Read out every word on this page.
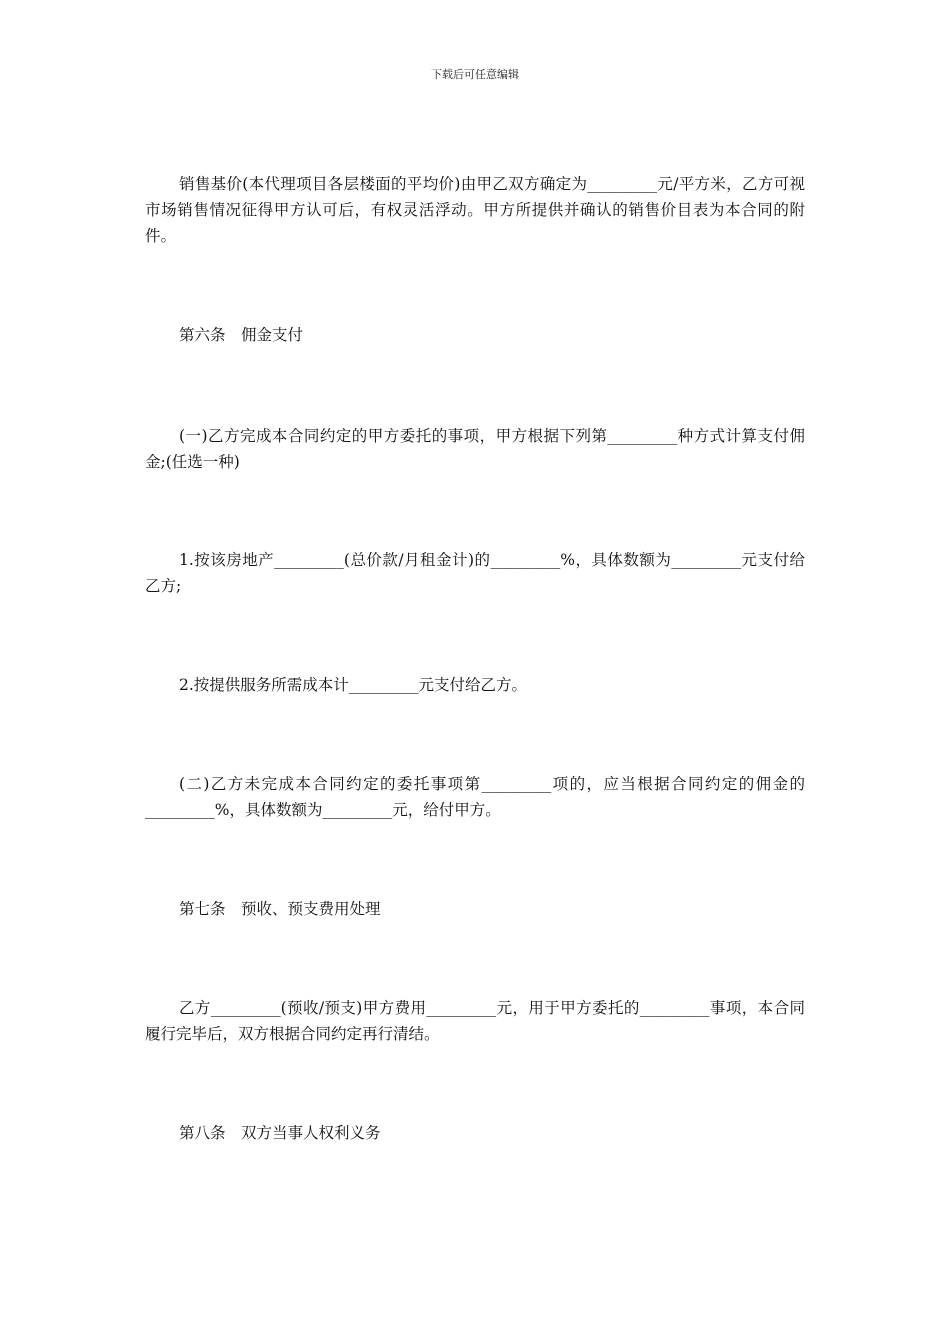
下载后可任意编辑

销售基价(本代理项目各层楼面的平均价)由甲乙双方确定为_________元/平方米，乙方可视市场销售情况征得甲方认可后，有权灵活浮动。甲方所提供并确认的销售价目表为本合同的附件。

第六条　佣金支付

(一)乙方完成本合同约定的甲方委托的事项，甲方根据下列第_________种方式计算支付佣金;(任选一种)

1.按该房地产_________(总价款/月租金计)的_________%，具体数额为_________元支付给乙方;

2.按提供服务所需成本计_________元支付给乙方。

(二)乙方未完成本合同约定的委托事项第_________项的，应当根据合同约定的佣金的_________%，具体数额为_________元，给付甲方。

第七条　预收、预支费用处理

乙方_________(预收/预支)甲方费用_________元，用于甲方委托的_________事项，本合同履行完毕后，双方根据合同约定再行清结。

第八条　双方当事人权利义务
